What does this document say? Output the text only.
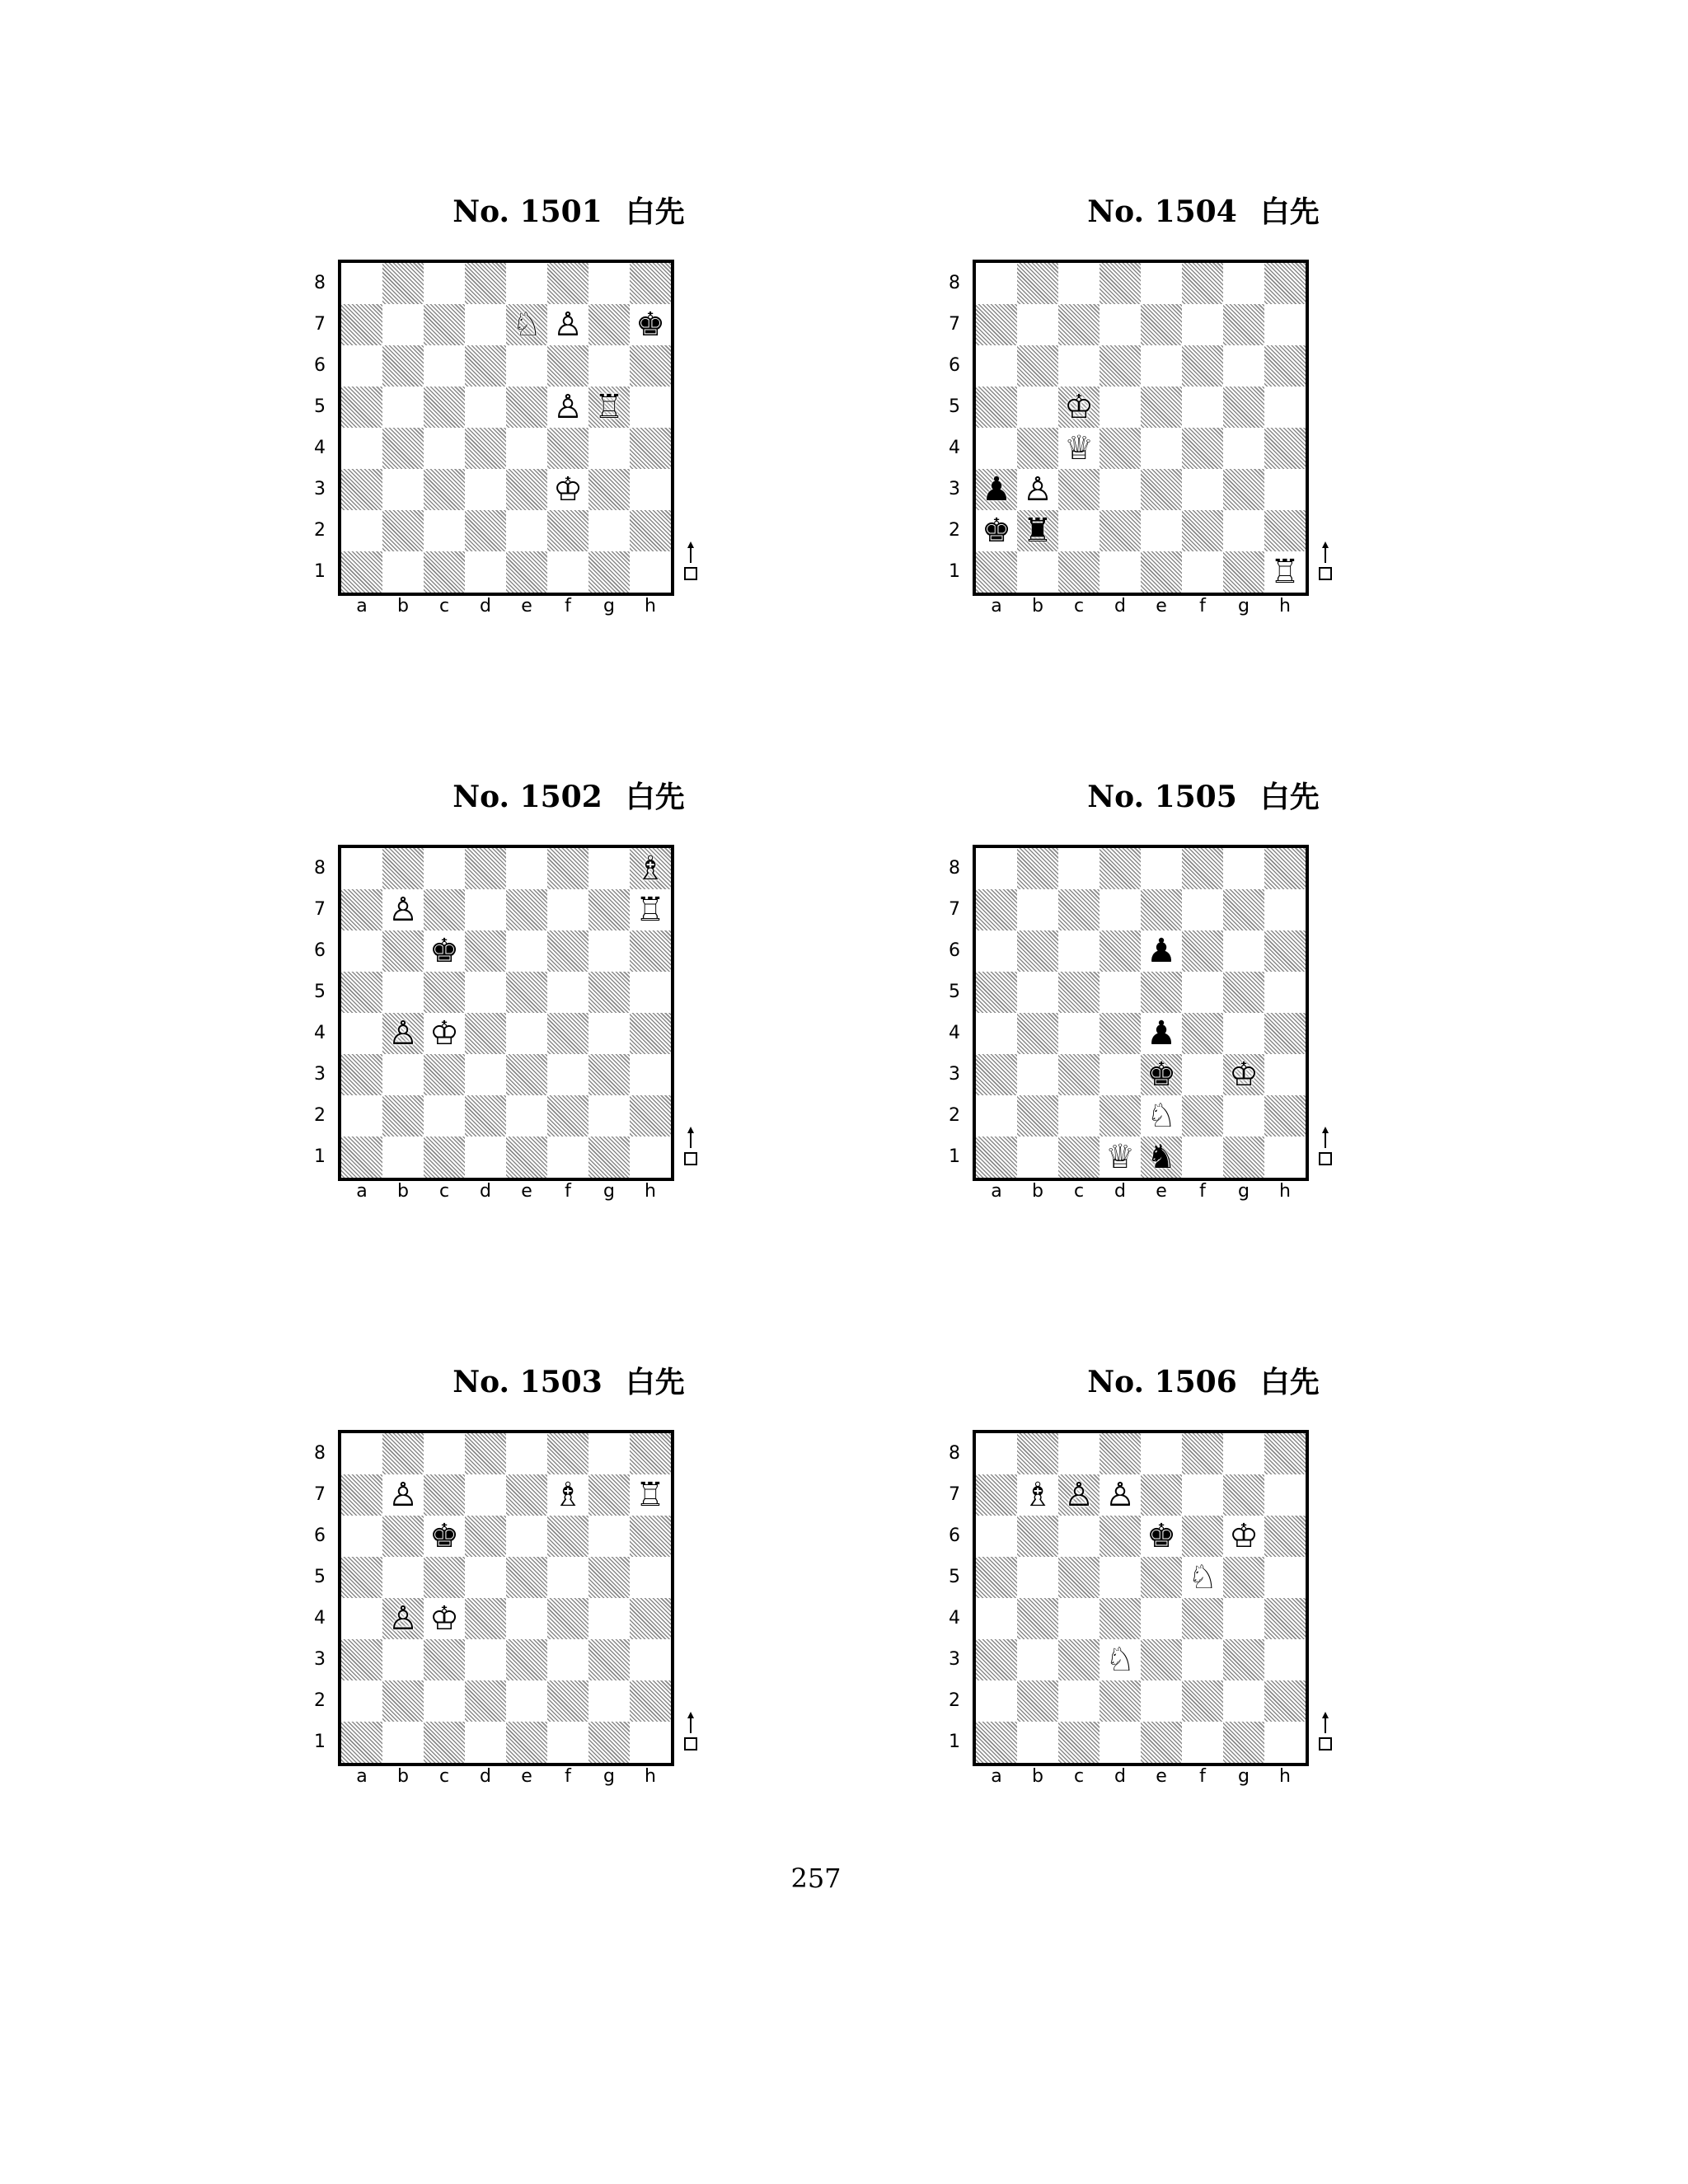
No. 1501 白先
♘ ♙ ♚
♙ ♖
♔
8
7
6
5
4
3
2
1
a	b	c	d	e	f	g	h
No. 1502 白先
♗
♙	♖
♚
♙ ♔
8
7
6
5
4
3
2
1
a	b	c	d	e	f	g	h
No. 1503 白先
♙	♗ ♖
♚
♙ ♔
8
7
6
5
4
3
2
1
a	b	c	d	e	f	g	h
No. 1504 白先
♔
♕
♟ ♙
♚ ♜
♖
8
7
6
5
4
3
2
1
a	b	c	d	e	f	g	h
No. 1505 白先
♟
♟
♚ ♔
♘
♕ ♞
8
7
6
5
4
3
2
1
a	b	c	d	e	f	g	h
No. 1506 白先
♗ ♙ ♙
♚ ♔
♘
♘
8
7
6
5
4
3
2
1
a	b	c	d	e	f	g	h
257
